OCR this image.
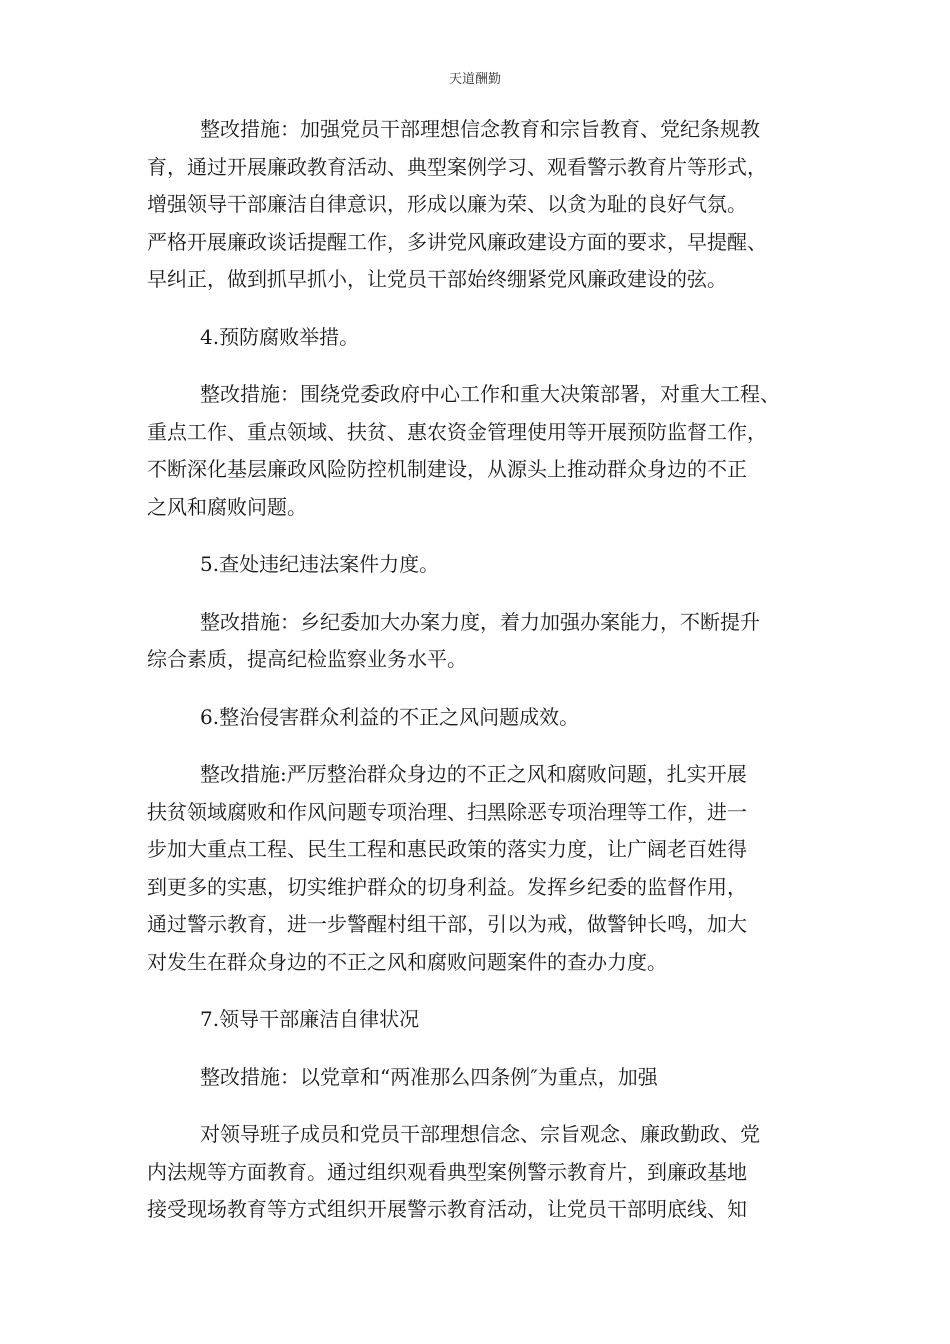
天道酬勤
整改措施：加强党员干部理想信念教育和宗旨教育、党纪条规教
育，通过开展廉政教育活动、典型案例学习、观看警示教育片等形式，
增强领导干部廉洁自律意识，形成以廉为荣、以贪为耻的良好气氛。
严格开展廉政谈话提醒工作，多讲党风廉政建设方面的要求，早提醒、
早纠正，做到抓早抓小，让党员干部始终绷紧党风廉政建设的弦。
4.预防腐败举措。
整改措施：围绕党委政府中心工作和重大决策部署，对重大工程、
重点工作、重点领域、扶贫、惠农资金管理使用等开展预防监督工作，
不断深化基层廉政风险防控机制建设，从源头上推动群众身边的不正
之风和腐败问题。
5.查处违纪违法案件力度。
整改措施：乡纪委加大办案力度，着力加强办案能力，不断提升
综合素质，提高纪检监察业务水平。
6.整治侵害群众利益的不正之风问题成效。
整改措施:严厉整治群众身边的不正之风和腐败问题，扎实开展
扶贫领域腐败和作风问题专项治理、扫黑除恶专项治理等工作，进一
步加大重点工程、民生工程和惠民政策的落实力度，让广阔老百姓得
到更多的实惠，切实维护群众的切身利益。发挥乡纪委的监督作用，
通过警示教育，进一步警醒村组干部，引以为戒，做警钟长鸣，加大
对发生在群众身边的不正之风和腐败问题案件的查办力度。
7.领导干部廉洁自律状况
整改措施：以党章和“两准那么四条例″为重点，加强
对领导班子成员和党员干部理想信念、宗旨观念、廉政勤政、党
内法规等方面教育。通过组织观看典型案例警示教育片，到廉政基地
接受现场教育等方式组织开展警示教育活动，让党员干部明底线、知
